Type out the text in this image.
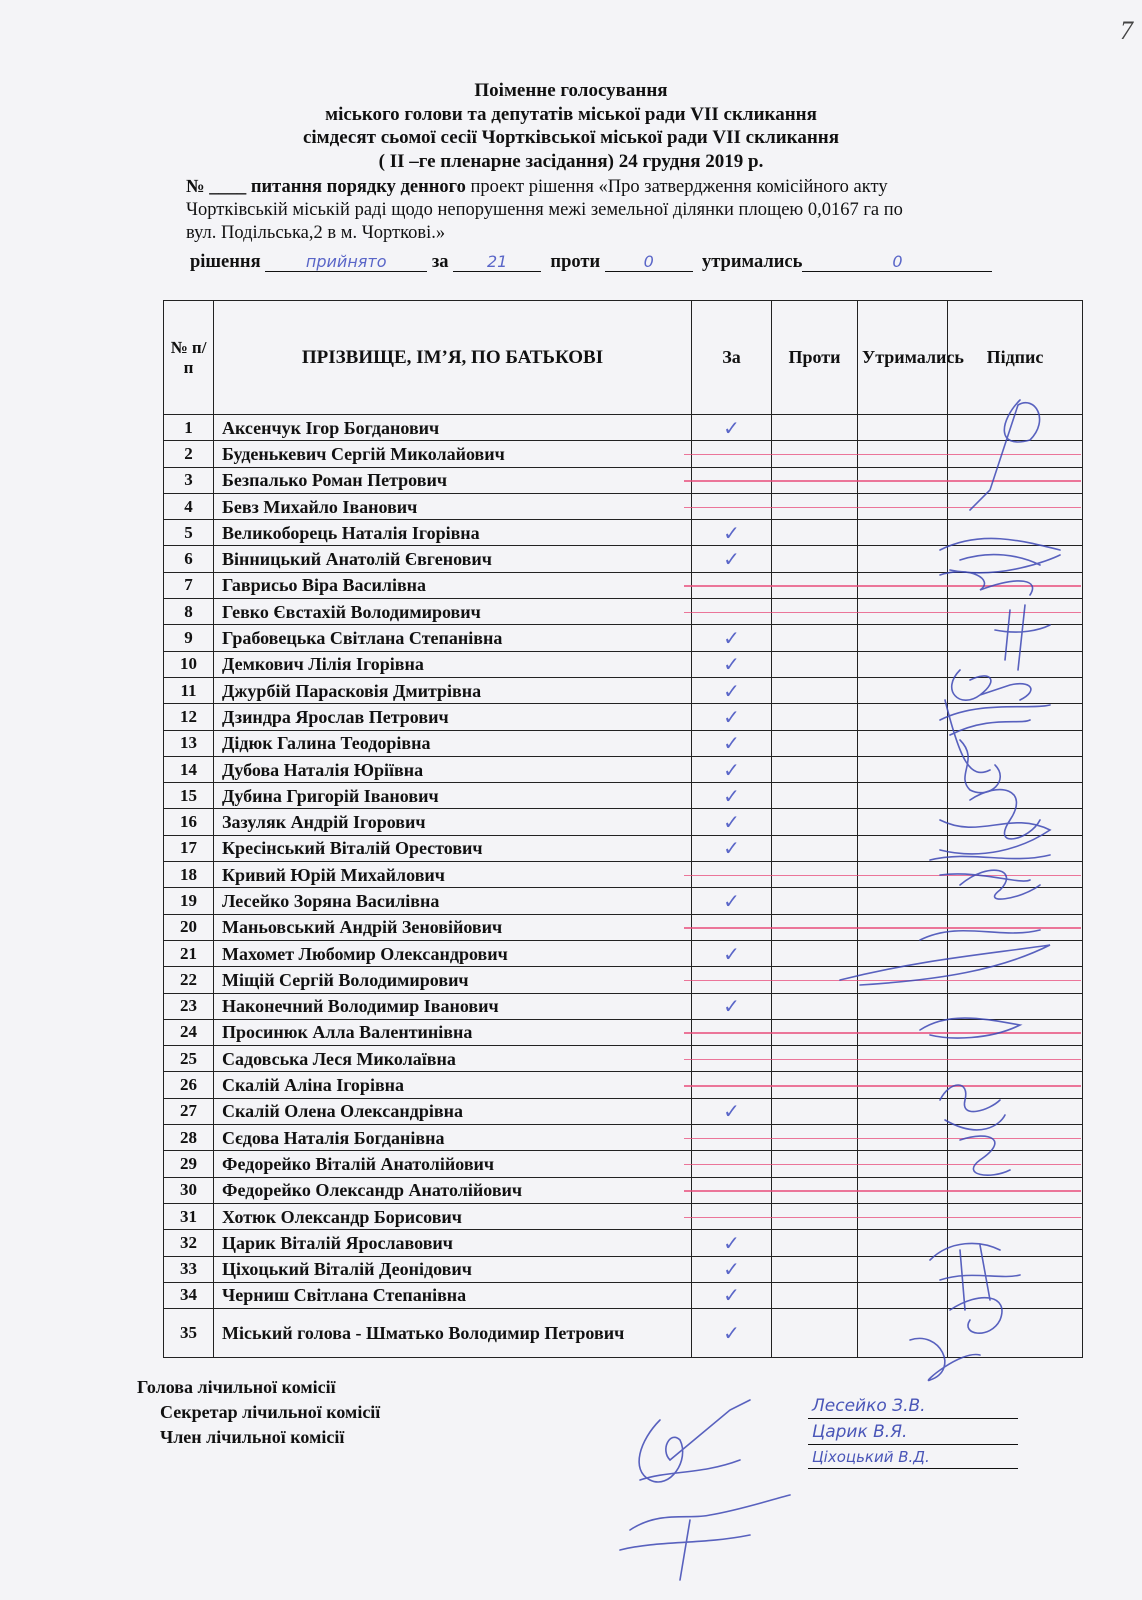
7
Поіменне голосування
міського голови та депутатів міської ради VII скликання
сімдесят сьомої сесії Чортківської міської ради VII скликання
( II –ге пленарне засідання) 24 грудня 2019 р.
№ ____ питання порядку денного проект рішення «Про затвердження комісійного акту
Чортківській міській раді щодо непорушення межі земельної ділянки площею 0,0167 га по
вул. Подільська,2 в м. Чорткові.»
рішення	прийнято за 21 проти	0	утримались	0
№ п/п	ПРІЗВИЩЕ, ІМ’Я, ПО БАТЬКОВІ	За	Проти	Утримались	Підпис
1	Аксенчук Ігор Богданович	✓			
2	Буденькевич Сергій Миколайович				
3	Безпалько Роман Петрович				
4	Бевз Михайло Іванович				
5	Великоборець Наталія Ігорівна	✓			
6	Вінницький Анатолій Євгенович	✓			
7	Гаврисьо Віра Василівна				
8	Гевко Євстахій Володимирович				
9	Грабовецька Світлана Степанівна	✓			
10	Демкович Лілія Ігорівна	✓			
11	Джурбій Парасковія Дмитрівна	✓			
12	Дзиндра Ярослав Петрович	✓			
13	Дідюк Галина Теодорівна	✓			
14	Дубова Наталія Юріївна	✓			
15	Дубина Григорій Іванович	✓			
16	Зазуляк Андрій Ігорович	✓			
17	Кресінський Віталій Орестович	✓			
18	Кривий Юрій Михайлович				
19	Лесейко Зоряна Василівна	✓			
20	Маньовський Андрій Зеновійович				
21	Махомет Любомир Олександрович	✓			
22	Міщій Сергій Володимирович				
23	Наконечний Володимир Іванович	✓			
24	Просинюк Алла Валентинівна				
25	Садовська Леся Миколаївна				
26	Скалій Аліна Ігорівна				
27	Скалій Олена Олександрівна	✓			
28	Сєдова Наталія Богданівна				
29	Федорейко Віталій Анатолійович				
30	Федорейко Олександр Анатолійович				
31	Хотюк Олександр Борисович				
32	Царик Віталій Ярославович	✓			
33	Ціхоцький Віталій Деонідович	✓			
34	Черниш Світлана Степанівна	✓			
35	Міський голова - Шматько Володимир Петрович	✓			
Голова лічильної комісії
Секретар лічильної комісії
Член лічильної комісії
Лесейко З.В.
Царик В.Я.
Ціхоцький В.Д.
